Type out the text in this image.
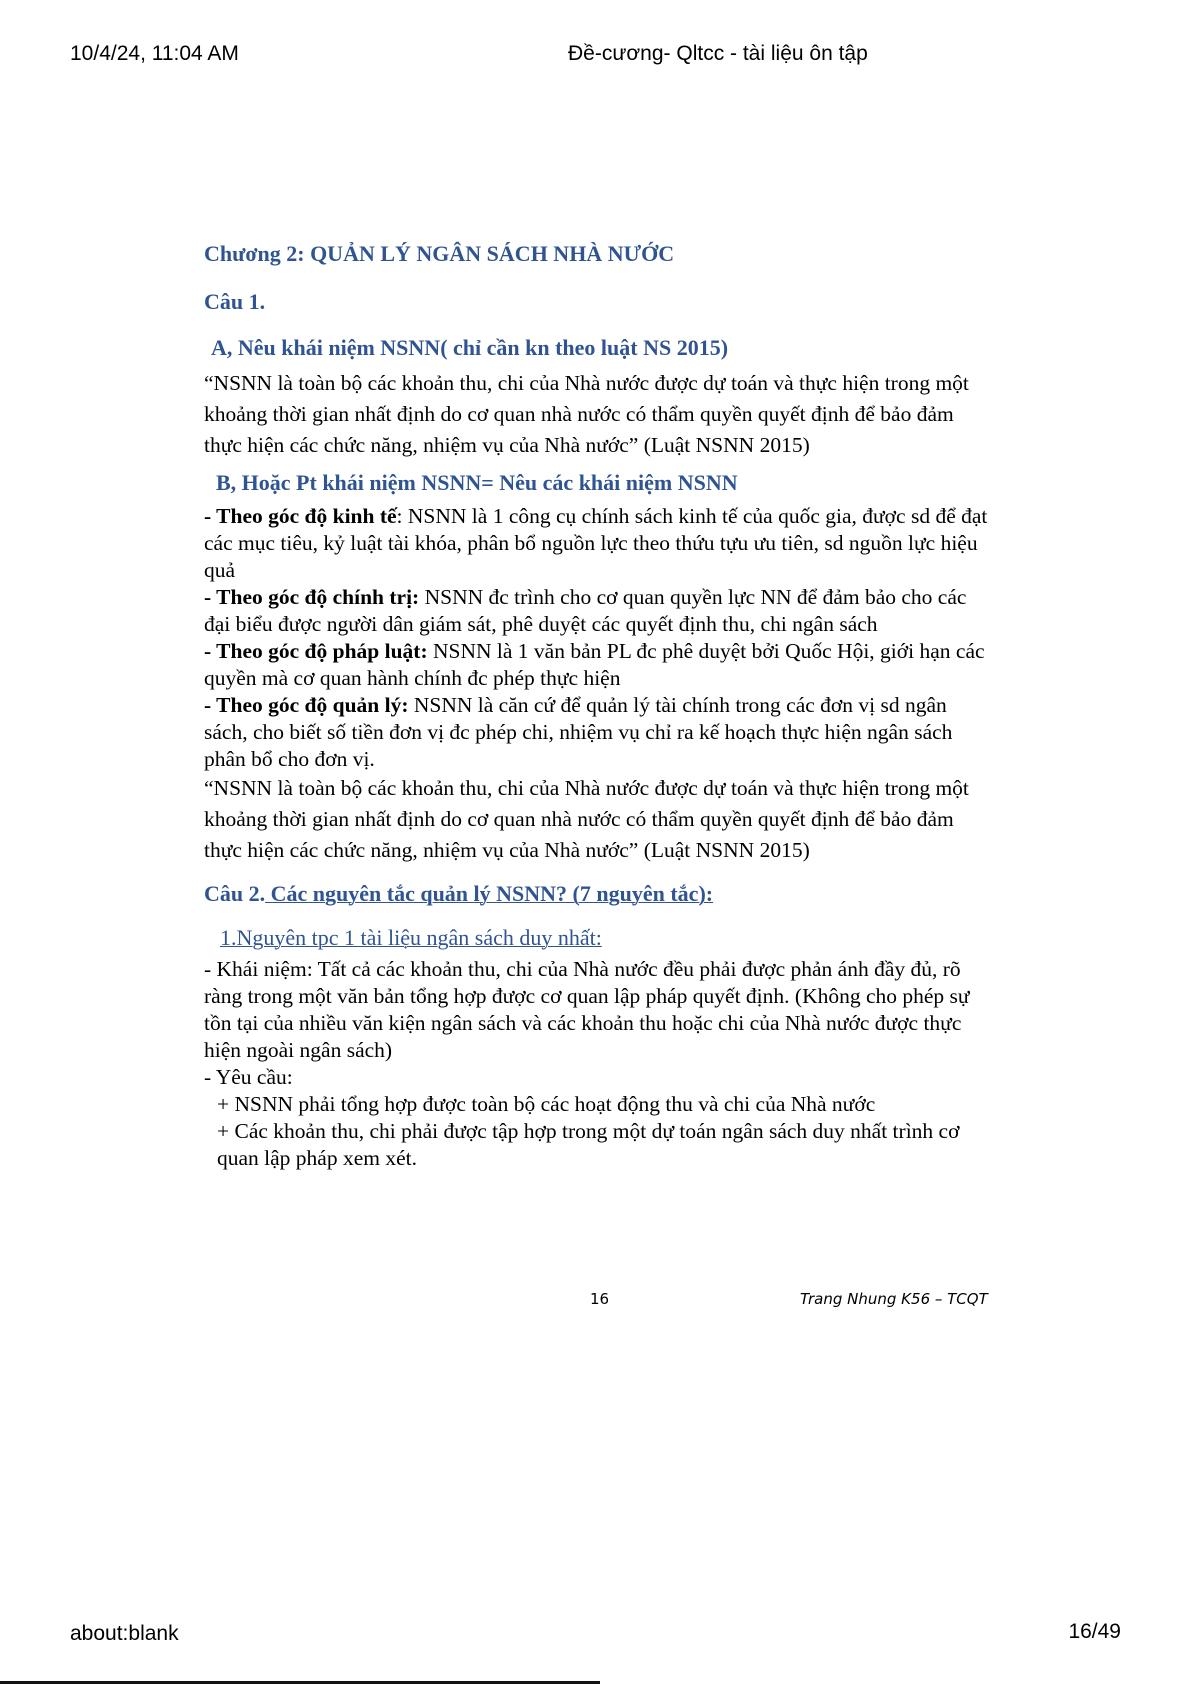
10/4/24, 11:04 AM	Đề-cương- Qltcc - tài liệu ôn tập
Chương 2: QUẢN LÝ NGÂN SÁCH NHÀ NƯỚC
Câu 1.
A, Nêu khái niệm NSNN( chỉ cần kn theo luật NS 2015)

“NSNN là toàn bộ các khoản thu, chi của Nhà nước được dự toán và thực hiện trong một khoảng thời gian nhất định do cơ quan nhà nước có thẩm quyền quyết định để bảo đảm thực hiện các chức năng, nhiệm vụ của Nhà nước” (Luật NSNN 2015)

B, Hoặc Pt khái niệm NSNN= Nêu các khái niệm NSNN

- Theo góc độ kinh tế: NSNN là 1 công cụ chính sách kinh tế của quốc gia, được sd để đạt các mục tiêu, kỷ luật tài khóa, phân bổ nguồn lực theo thứu tựu ưu tiên, sd nguồn lực hiệu quả

- Theo góc độ chính trị: NSNN đc trình cho cơ quan quyền lực NN để đảm bảo cho các đại biểu được người dân giám sát, phê duyệt các quyết định thu, chi ngân sách

- Theo góc độ pháp luật: NSNN là 1 văn bản PL đc phê duyệt bởi Quốc Hội, giới hạn các quyền mà cơ quan hành chính đc phép thực hiện

- Theo góc độ quản lý: NSNN là căn cứ để quản lý tài chính trong các đơn vị sd ngân sách, cho biết số tiền đơn vị đc phép chi, nhiệm vụ chỉ ra kế hoạch thực hiện ngân sách phân bổ cho đơn vị.

“NSNN là toàn bộ các khoản thu, chi của Nhà nước được dự toán và thực hiện trong một khoảng thời gian nhất định do cơ quan nhà nước có thẩm quyền quyết định để bảo đảm thực hiện các chức năng, nhiệm vụ của Nhà nước” (Luật NSNN 2015)

Câu 2. Các nguyên tắc quản lý NSNN? (7 nguyên tắc):
1.Nguyên tpc 1 tài liệu ngân sách duy nhất:

- Khái niệm: Tất cả các khoản thu, chi của Nhà nước đều phải được phản ánh đầy đủ, rõ ràng trong một văn bản tổng hợp được cơ quan lập pháp quyết định. (Không cho phép sự tồn tại của nhiều văn kiện ngân sách và các khoản thu hoặc chi của Nhà nước được thực hiện ngoài ngân sách)

- Yêu cầu:

+ NSNN phải tổng hợp được toàn bộ các hoạt động thu và chi của Nhà nước

+ Các khoản thu, chi phải được tập hợp trong một dự toán ngân sách duy nhất trình cơ quan lập pháp xem xét.

16	Trang Nhung K56 – TCQT
about:blank	16/49
